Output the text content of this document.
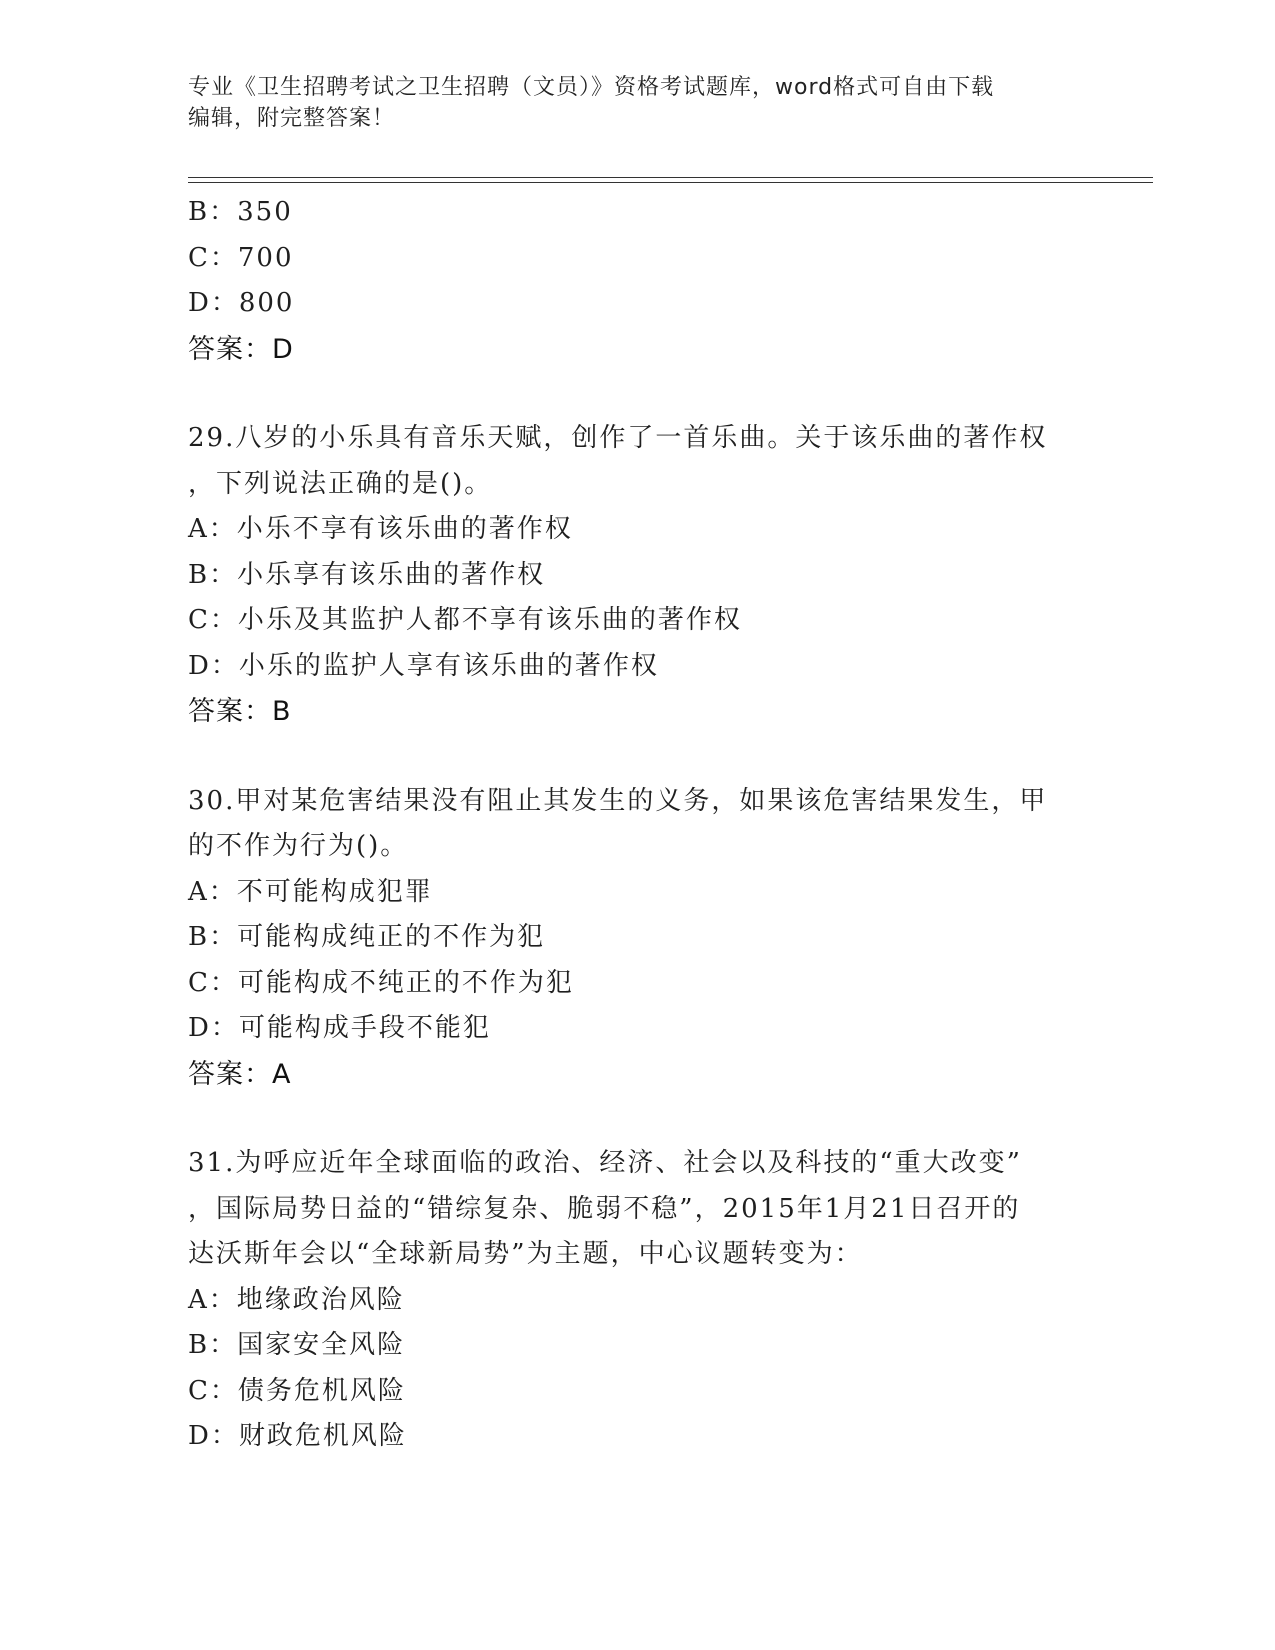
专业《卫生招聘考试之卫生招聘（文员）》资格考试题库，word格式可自由下载
编辑，附完整答案！
B：350
C：700
D：800
答案：D
29.八岁的小乐具有音乐天赋，创作了一首乐曲。关于该乐曲的著作权
，下列说法正确的是()。
A：小乐不享有该乐曲的著作权
B：小乐享有该乐曲的著作权
C：小乐及其监护人都不享有该乐曲的著作权
D：小乐的监护人享有该乐曲的著作权
答案：B
30.甲对某危害结果没有阻止其发生的义务，如果该危害结果发生，甲
的不作为行为()。
A：不可能构成犯罪
B：可能构成纯正的不作为犯
C：可能构成不纯正的不作为犯
D：可能构成手段不能犯
答案：A
31.为呼应近年全球面临的政治、经济、社会以及科技的“重大改变”
，国际局势日益的“错综复杂、脆弱不稳”，2015年1月21日召开的
达沃斯年会以“全球新局势”为主题，中心议题转变为：
A：地缘政治风险
B：国家安全风险
C：债务危机风险
D：财政危机风险
